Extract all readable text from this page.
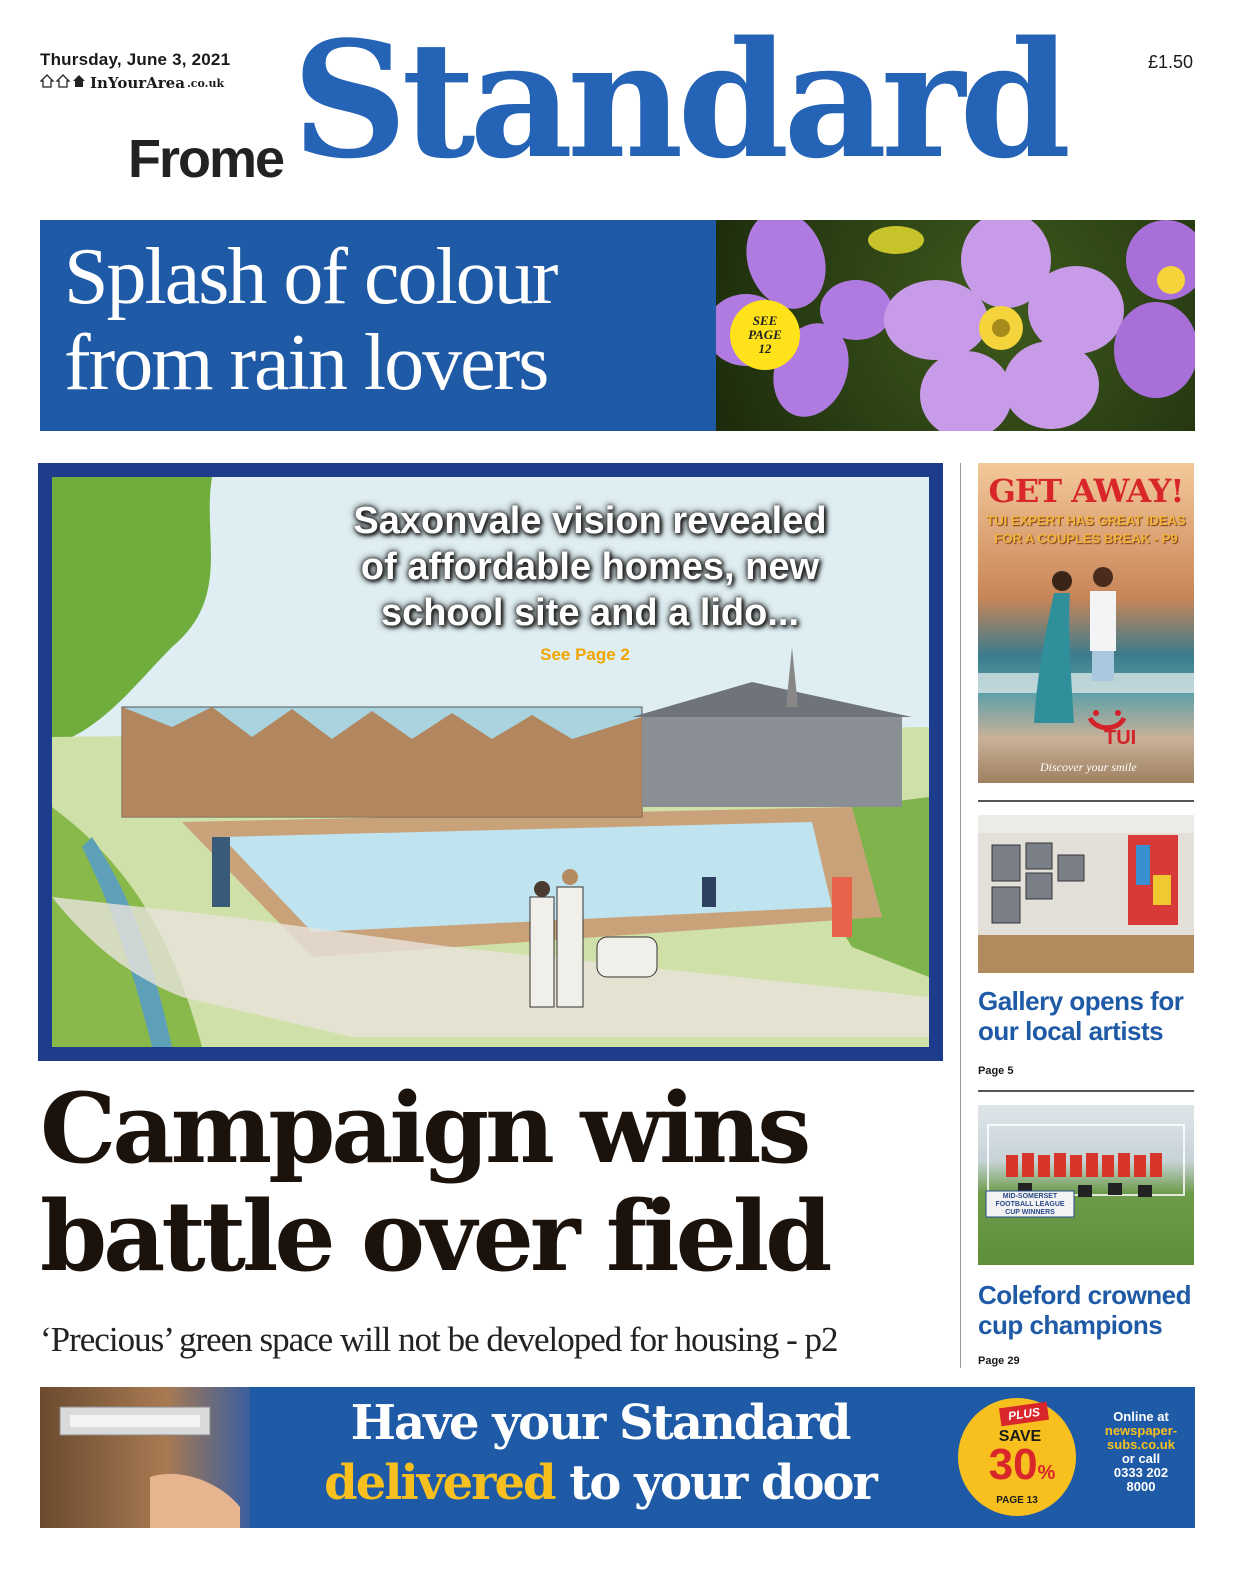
Thursday, June 3, 2021
InYourArea .co.uk
£1.50
Frome Standard
Splash of colour
from rain lovers	SEE
PAGE
12
Saxonvale vision revealed
of affordable homes, new
school site and a lido...
See Page 2
Campaign wins
battle over field
‘Precious’ green space will not be developed for housing - p2
GET AWAY!
TUI EXPERT HAS GREAT IDEAS
FOR A COUPLES BREAK - P9
TUI
Discover your smile
Gallery opens for
our local artists
Page 5
MID-SOMERSET
FOOTBALL LEAGUE
CUP WINNERS
Coleford crowned
cup champions
Page 29
Have your Standard
delivered to your door
PLUS
SAVE
30%
PAGE 13
Online at
newspaper-
subs.co.uk
or call
0333 202
8000
